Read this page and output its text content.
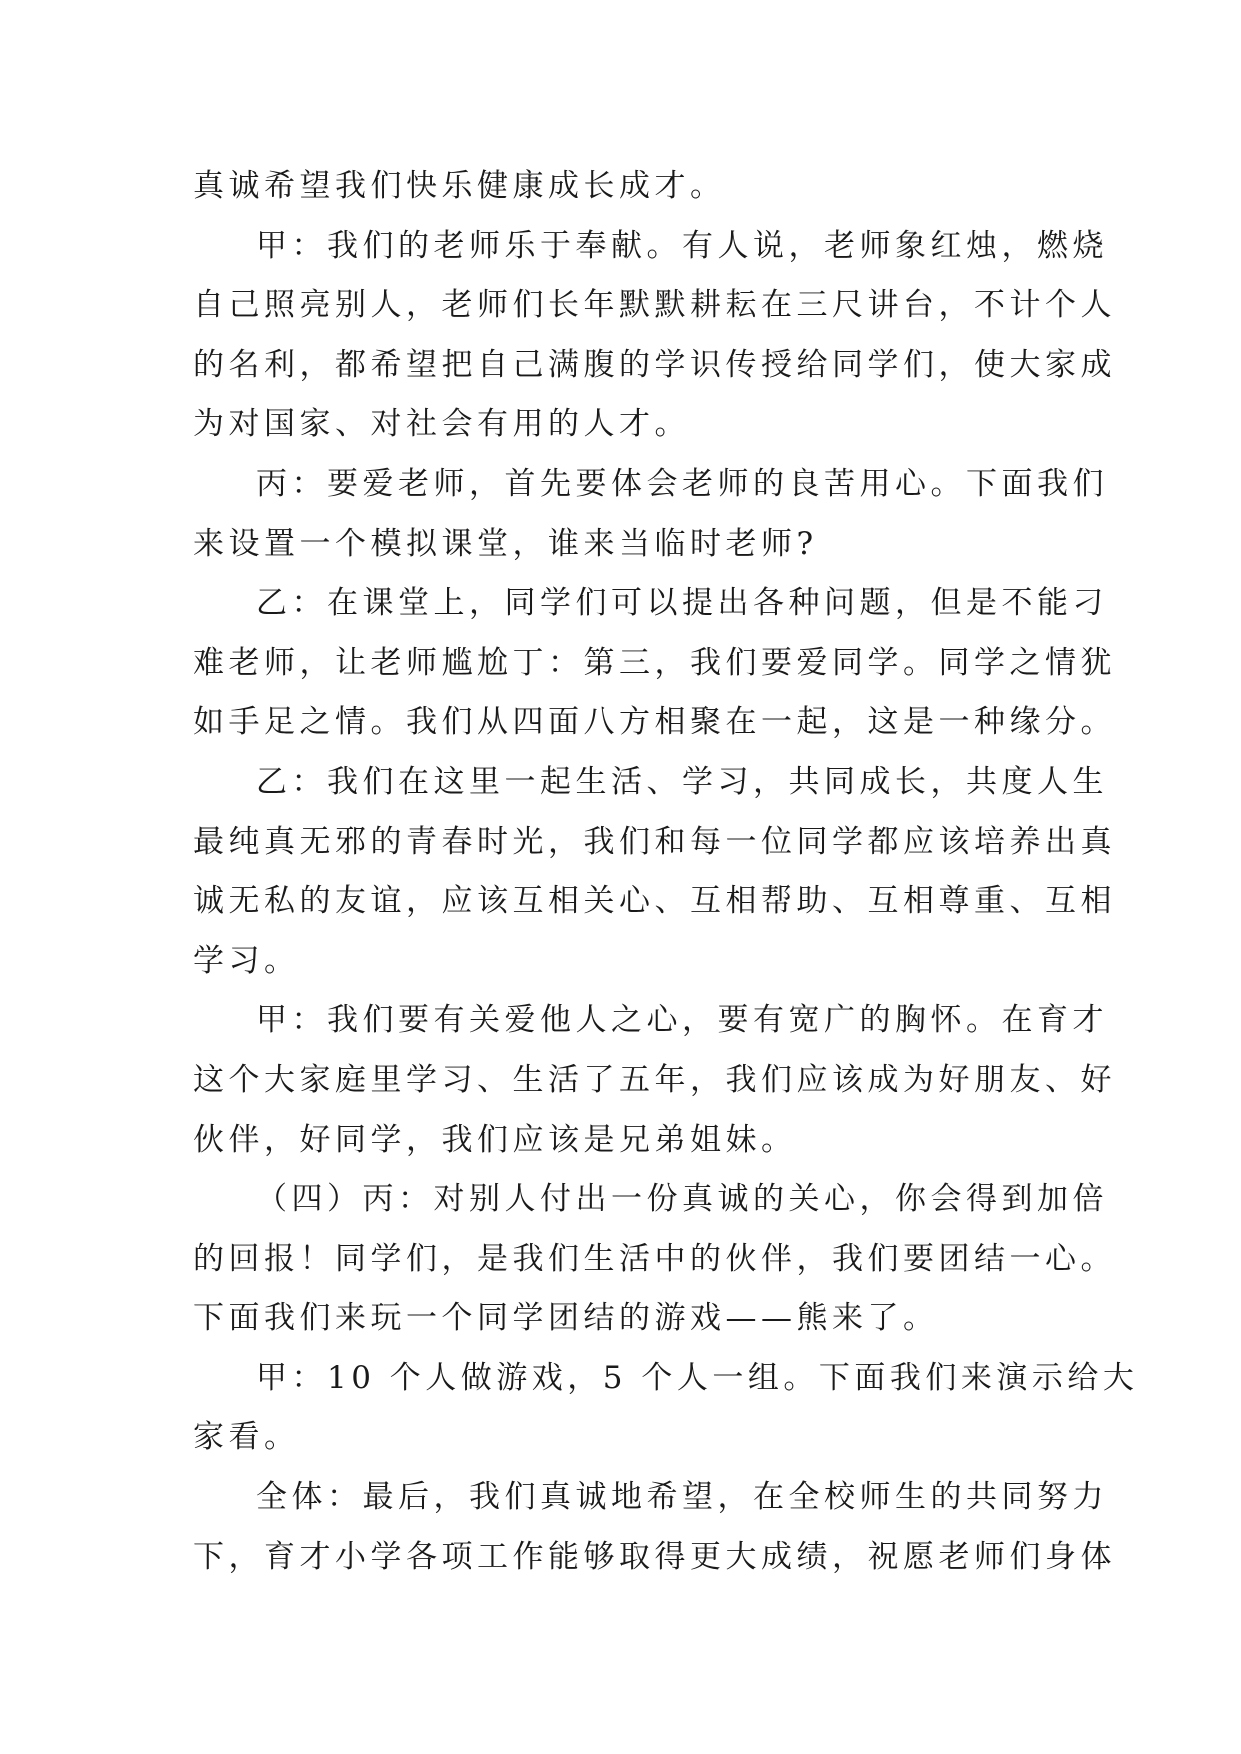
真诚希望我们快乐健康成长成才。
甲：我们的老师乐于奉献。有人说，老师象红烛，燃烧
自己照亮别人，老师们长年默默耕耘在三尺讲台，不计个人
的名利，都希望把自己满腹的学识传授给同学们，使大家成
为对国家、对社会有用的人才。
丙：要爱老师，首先要体会老师的良苦用心。下面我们
来设置一个模拟课堂，谁来当临时老师?
乙：在课堂上，同学们可以提出各种问题，但是不能刁
难老师，让老师尴尬丁：第三，我们要爱同学。同学之情犹
如手足之情。我们从四面八方相聚在一起，这是一种缘分。
乙：我们在这里一起生活、学习，共同成长，共度人生
最纯真无邪的青春时光，我们和每一位同学都应该培养出真
诚无私的友谊，应该互相关心、互相帮助、互相尊重、互相
学习。
甲：我们要有关爱他人之心，要有宽广的胸怀。在育才
这个大家庭里学习、生活了五年，我们应该成为好朋友、好
伙伴，好同学，我们应该是兄弟姐妹。
（四）丙：对别人付出一份真诚的关心，你会得到加倍
的回报！同学们，是我们生活中的伙伴，我们要团结一心。
下面我们来玩一个同学团结的游戏——熊来了。
甲：10 个人做游戏，5 个人一组。下面我们来演示给大
家看。
全体：最后，我们真诚地希望，在全校师生的共同努力
下，育才小学各项工作能够取得更大成绩，祝愿老师们身体
